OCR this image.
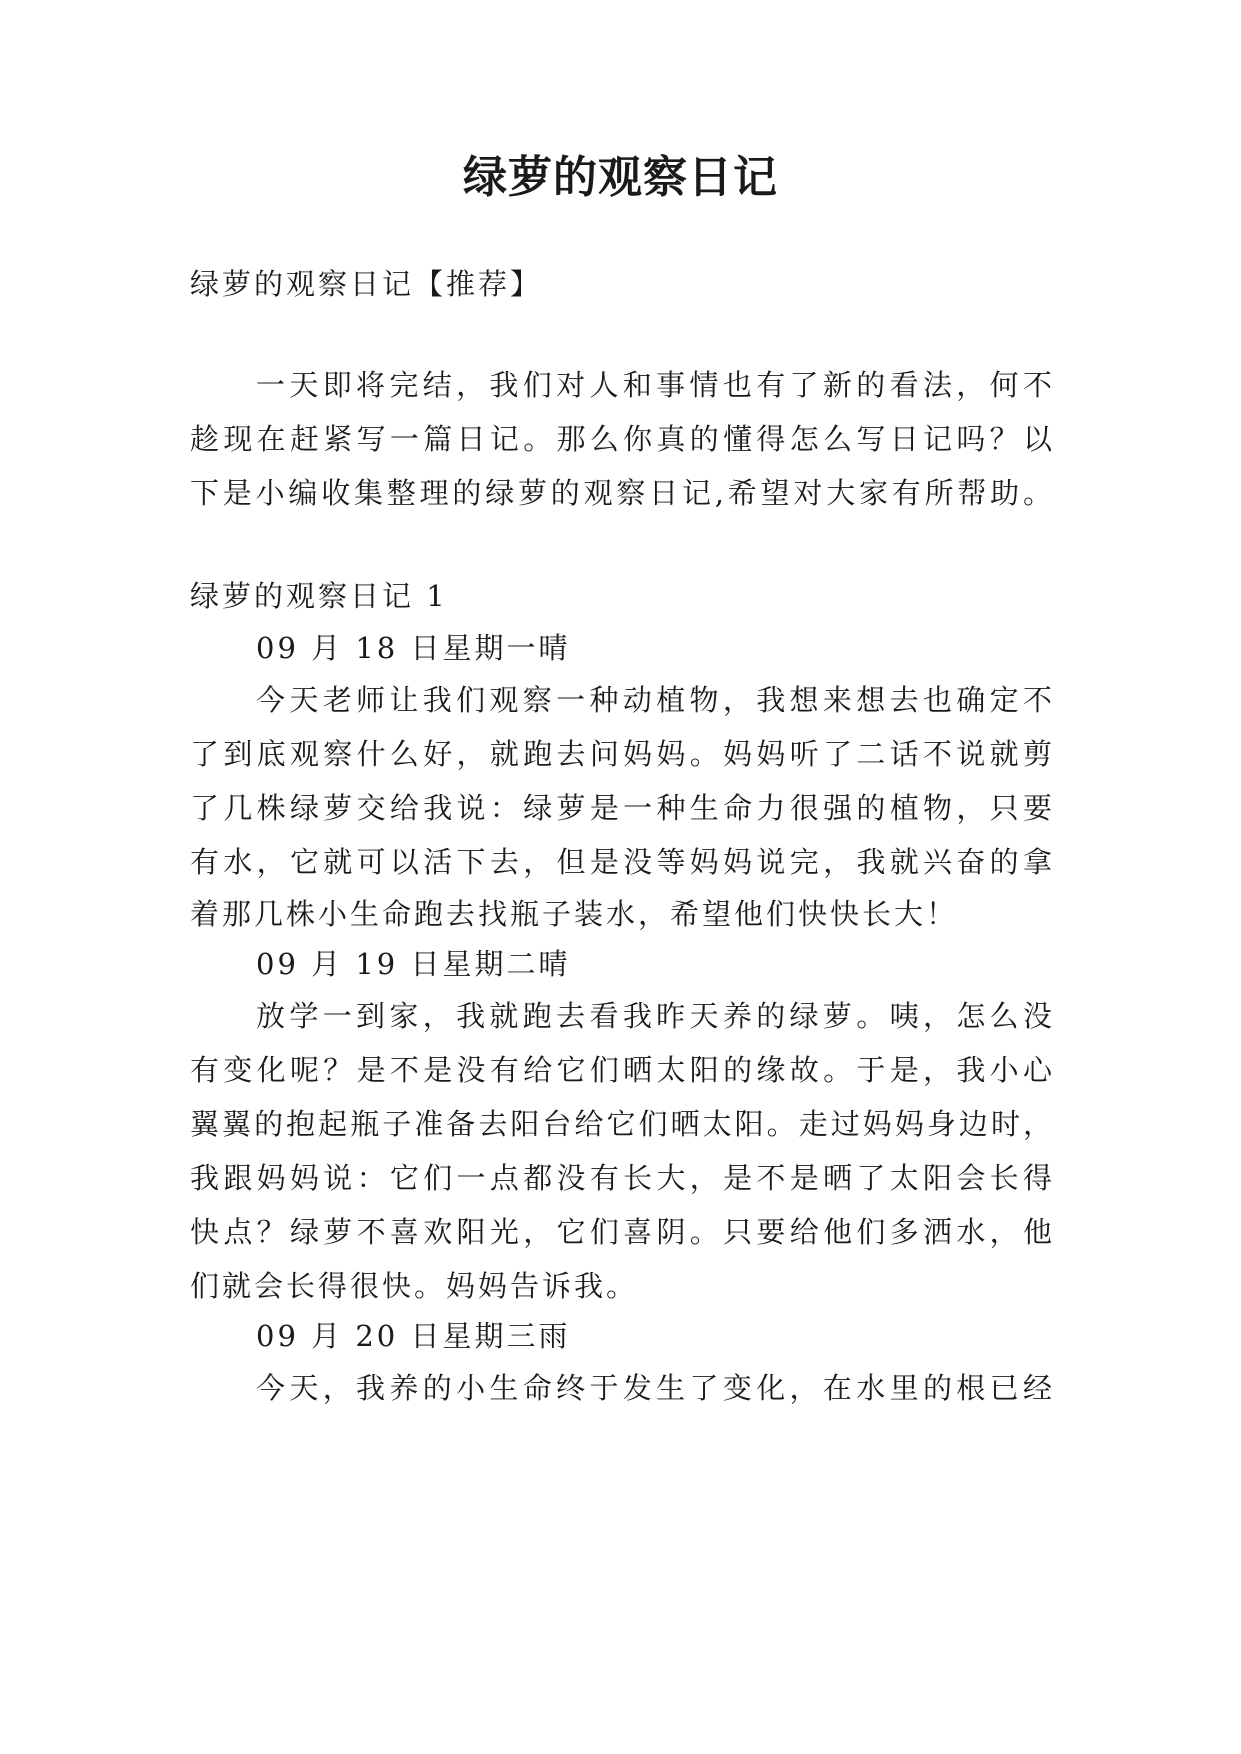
绿萝的观察日记
绿萝的观察日记【推荐】
一天即将完结，我们对人和事情也有了新的看法，何不
趁现在赶紧写一篇日记。那么你真的懂得怎么写日记吗？以
下是小编收集整理的绿萝的观察日记,希望对大家有所帮助。
绿萝的观察日记 1
09 月 18 日星期一晴
今天老师让我们观察一种动植物，我想来想去也确定不
了到底观察什么好，就跑去问妈妈。妈妈听了二话不说就剪
了几株绿萝交给我说：绿萝是一种生命力很强的植物，只要
有水，它就可以活下去，但是没等妈妈说完，我就兴奋的拿
着那几株小生命跑去找瓶子装水，希望他们快快长大！
09 月 19 日星期二晴
放学一到家，我就跑去看我昨天养的绿萝。咦，怎么没
有变化呢？是不是没有给它们晒太阳的缘故。于是，我小心
翼翼的抱起瓶子准备去阳台给它们晒太阳。走过妈妈身边时，
我跟妈妈说：它们一点都没有长大，是不是晒了太阳会长得
快点？绿萝不喜欢阳光，它们喜阴。只要给他们多洒水，他
们就会长得很快。妈妈告诉我。
09 月 20 日星期三雨
今天，我养的小生命终于发生了变化，在水里的根已经
